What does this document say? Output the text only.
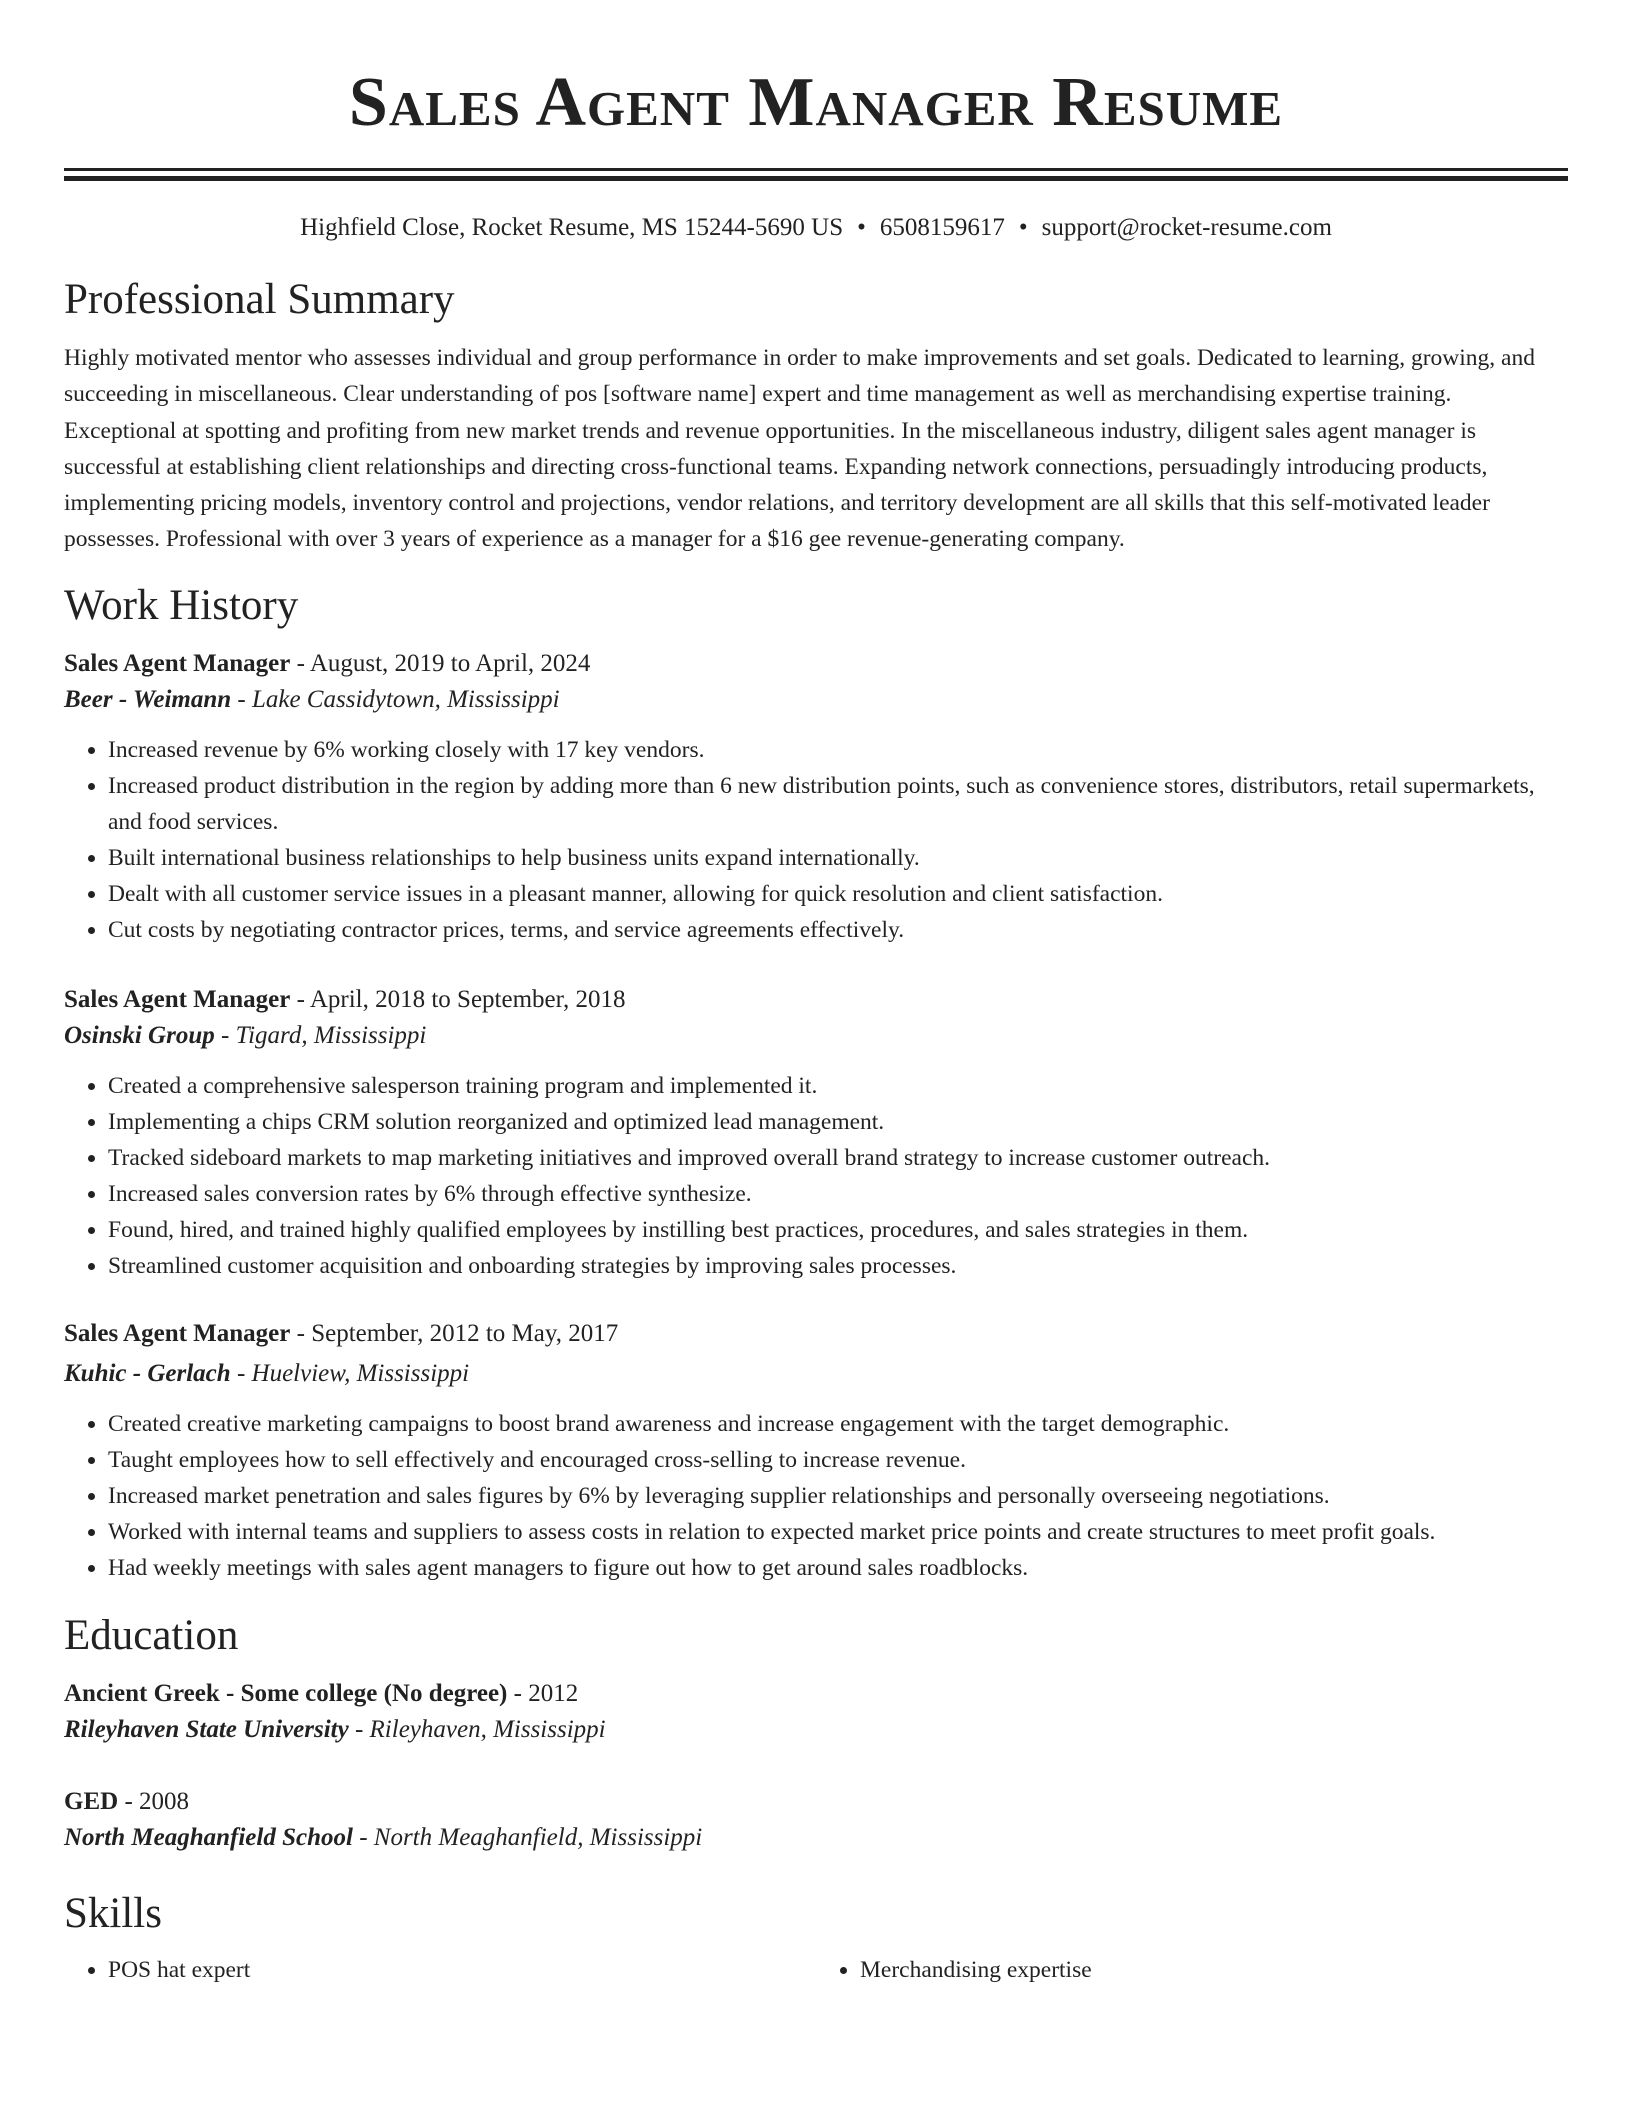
Sales Agent Manager Resume
Highfield Close, Rocket Resume, MS 15244-5690 US • 6508159617 • support@rocket-resume.com
Professional Summary

Highly motivated mentor who assesses individual and group performance in order to make improvements and set goals. Dedicated to learning, growing, and succeeding in miscellaneous. Clear understanding of pos [software name] expert and time management as well as merchandising expertise training. Exceptional at spotting and profiting from new market trends and revenue opportunities. In the miscellaneous industry, diligent sales agent manager is successful at establishing client relationships and directing cross-functional teams. Expanding network connections, persuadingly introducing products, implementing pricing models, inventory control and projections, vendor relations, and territory development are all skills that this self-motivated leader possesses. Professional with over 3 years of experience as a manager for a $16 gee revenue-generating company.

Work History
Sales Agent Manager - August, 2019 to April, 2024
Beer - Weimann - Lake Cassidytown, Mississippi
• Increased revenue by 6% working closely with 17 key vendors.
• Increased product distribution in the region by adding more than 6 new distribution points, such as convenience stores, distributors, retail supermarkets, and food services.
• Built international business relationships to help business units expand internationally.
• Dealt with all customer service issues in a pleasant manner, allowing for quick resolution and client satisfaction.
• Cut costs by negotiating contractor prices, terms, and service agreements effectively.
Sales Agent Manager - April, 2018 to September, 2018
Osinski Group - Tigard, Mississippi
• Created a comprehensive salesperson training program and implemented it.
• Implementing a chips CRM solution reorganized and optimized lead management.
• Tracked sideboard markets to map marketing initiatives and improved overall brand strategy to increase customer outreach.
• Increased sales conversion rates by 6% through effective synthesize.
• Found, hired, and trained highly qualified employees by instilling best practices, procedures, and sales strategies in them.
• Streamlined customer acquisition and onboarding strategies by improving sales processes.
Sales Agent Manager - September, 2012 to May, 2017
Kuhic - Gerlach - Huelview, Mississippi
• Created creative marketing campaigns to boost brand awareness and increase engagement with the target demographic.
• Taught employees how to sell effectively and encouraged cross-selling to increase revenue.
• Increased market penetration and sales figures by 6% by leveraging supplier relationships and personally overseeing negotiations.
• Worked with internal teams and suppliers to assess costs in relation to expected market price points and create structures to meet profit goals.
• Had weekly meetings with sales agent managers to figure out how to get around sales roadblocks.
Education
Ancient Greek - Some college (No degree) - 2012
Rileyhaven State University - Rileyhaven, Mississippi
GED - 2008
North Meaghanfield School - North Meaghanfield, Mississippi
Skills
• POS hat expert
•	Merchandising expertise
